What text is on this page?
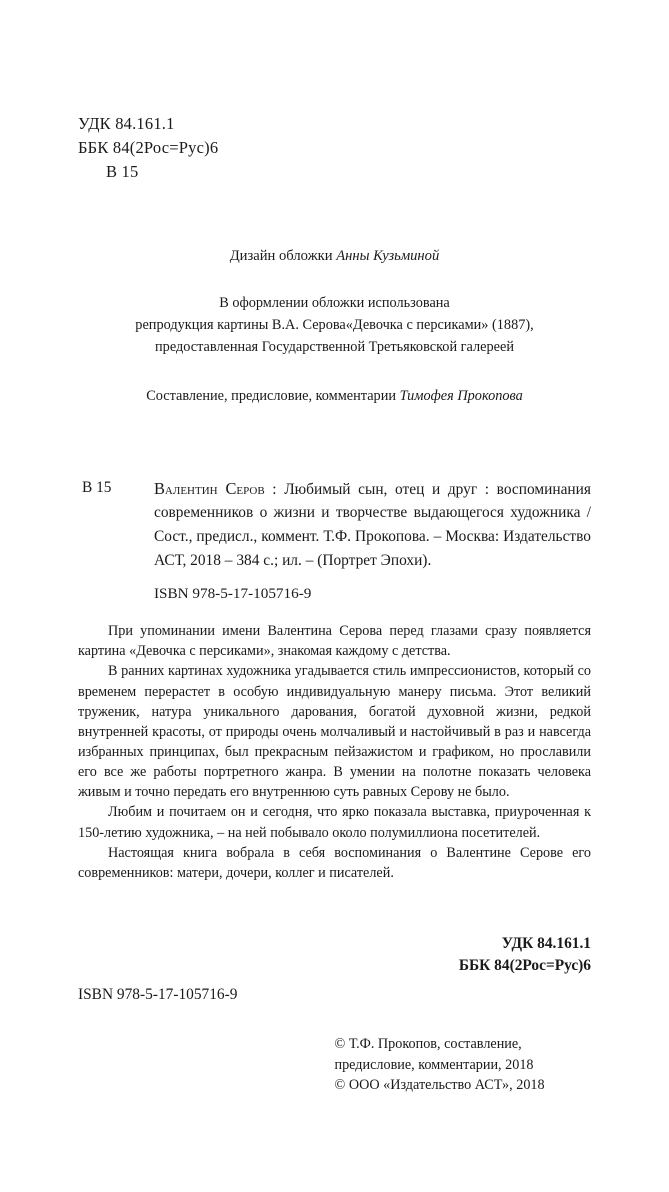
УДК 84.161.1
ББК 84(2Рос=Рус)6
В 15
Дизайн обложки Анны Кузьминой
В оформлении обложки использована
репродукция картины В.А. Серова«Девочка с персиками» (1887),
предоставленная Государственной Третьяковской галереей
Составление, предисловие, комментарии Тимофея Прокопова
В 15	Валентин Серов : Любимый сын, отец и друг : воспоминания современников о жизни и творчестве выдающегося художника /Сост., предисл., коммент. Т.Ф. Прокопова. – Москва: Издательство АСТ, 2018 – 384 с.; ил. – (Портрет Эпохи).
ISBN 978-5-17-105716-9

При упоминании имени Валентина Серова перед глазами сразу появляется картина «Девочка с персиками», знакомая каждому с детства.

В ранних картинах художника угадывается стиль импрессионистов, который со временем перерастет в особую индивидуальную манеру письма. Этот великий труженик, натура уникального дарования, богатой духовной жизни, редкой внутренней красоты, от природы очень молчаливый и настойчивый в раз и навсегда избранных принципах, был прекрасным пейзажистом и графиком, но прославили его все же работы портретного жанра. В умении на полотне показать человека живым и точно передать его внутреннюю суть равных Серову не было.

Любим и почитаем он и сегодня, что ярко показала выставка, приуроченная к 150-летию художника, – на ней побывало около полумиллиона посетителей.

Настоящая книга вобрала в себя воспоминания о Валентине Серове его современников: матери, дочери, коллег и писателей.

УДК 84.161.1
ББК 84(2Рос=Рус)6
ISBN 978-5-17-105716-9
© Т.Ф. Прокопов, составление,
предисловие, комментарии, 2018
© ООО «Издательство АСТ», 2018
